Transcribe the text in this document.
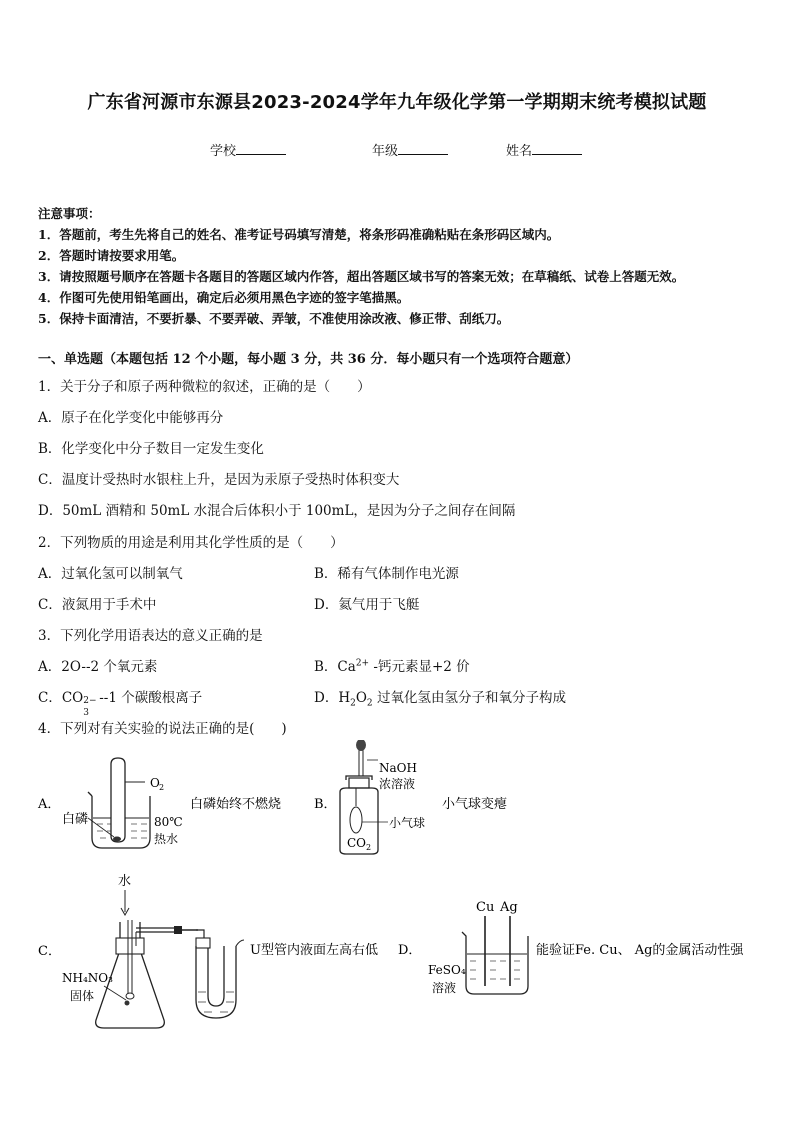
广东省河源市东源县2023-2024学年九年级化学第一学期期末统考模拟试题
学校	年级	姓名
注意事项：
1．答题前，考生先将自己的姓名、准考证号码填写清楚，将条形码准确粘贴在条形码区域内。
2．答题时请按要求用笔。
3．请按照题号顺序在答题卡各题目的答题区域内作答，超出答题区域书写的答案无效；在草稿纸、试卷上答题无效。
4．作图可先使用铅笔画出，确定后必须用黑色字迹的签字笔描黑。
5．保持卡面清洁，不要折暴、不要弄破、弄皱，不准使用涂改液、修正带、刮纸刀。
一、单选题（本题包括 12 个小题，每小题 3 分，共 36 分．每小题只有一个选项符合题意）
1．关于分子和原子两种微粒的叙述，正确的是（　　）
A．原子在化学变化中能够再分
B．化学变化中分子数目一定发生变化
C．温度计受热时水银柱上升，是因为汞原子受热时体积变大
D．50mL 酒精和 50mL 水混合后体积小于 100mL，是因为分子之间存在间隔
2．下列物质的用途是利用其化学性质的是（　　）
A．过氧化氢可以制氧气	B．稀有气体制作电光源
C．液氮用于手术中	D．氦气用于飞艇
3．下列化学用语表达的意义正确的是
A．2O--2 个氧元素	B．$Ca^{2+}$ -钙元素显+2 价
C．CO 2−
3
--1 个碳酸根离子	D．$H_2O_2$ 过氧化氢由氢分子和氧分子构成
4．下列对有关实验的说法正确的是(　　)
A．
O 2
白磷	80℃
热水
白磷始终不燃烧	B．
NaOH
浓溶液
小气球
CO 2
小气球变瘪
C．
水
NH₄NO₃
固体
U型管内液面左高右低 D．
Cu Ag
FeSO₄
溶液
能验证Fe. Cu、 Ag的金属活动性强
